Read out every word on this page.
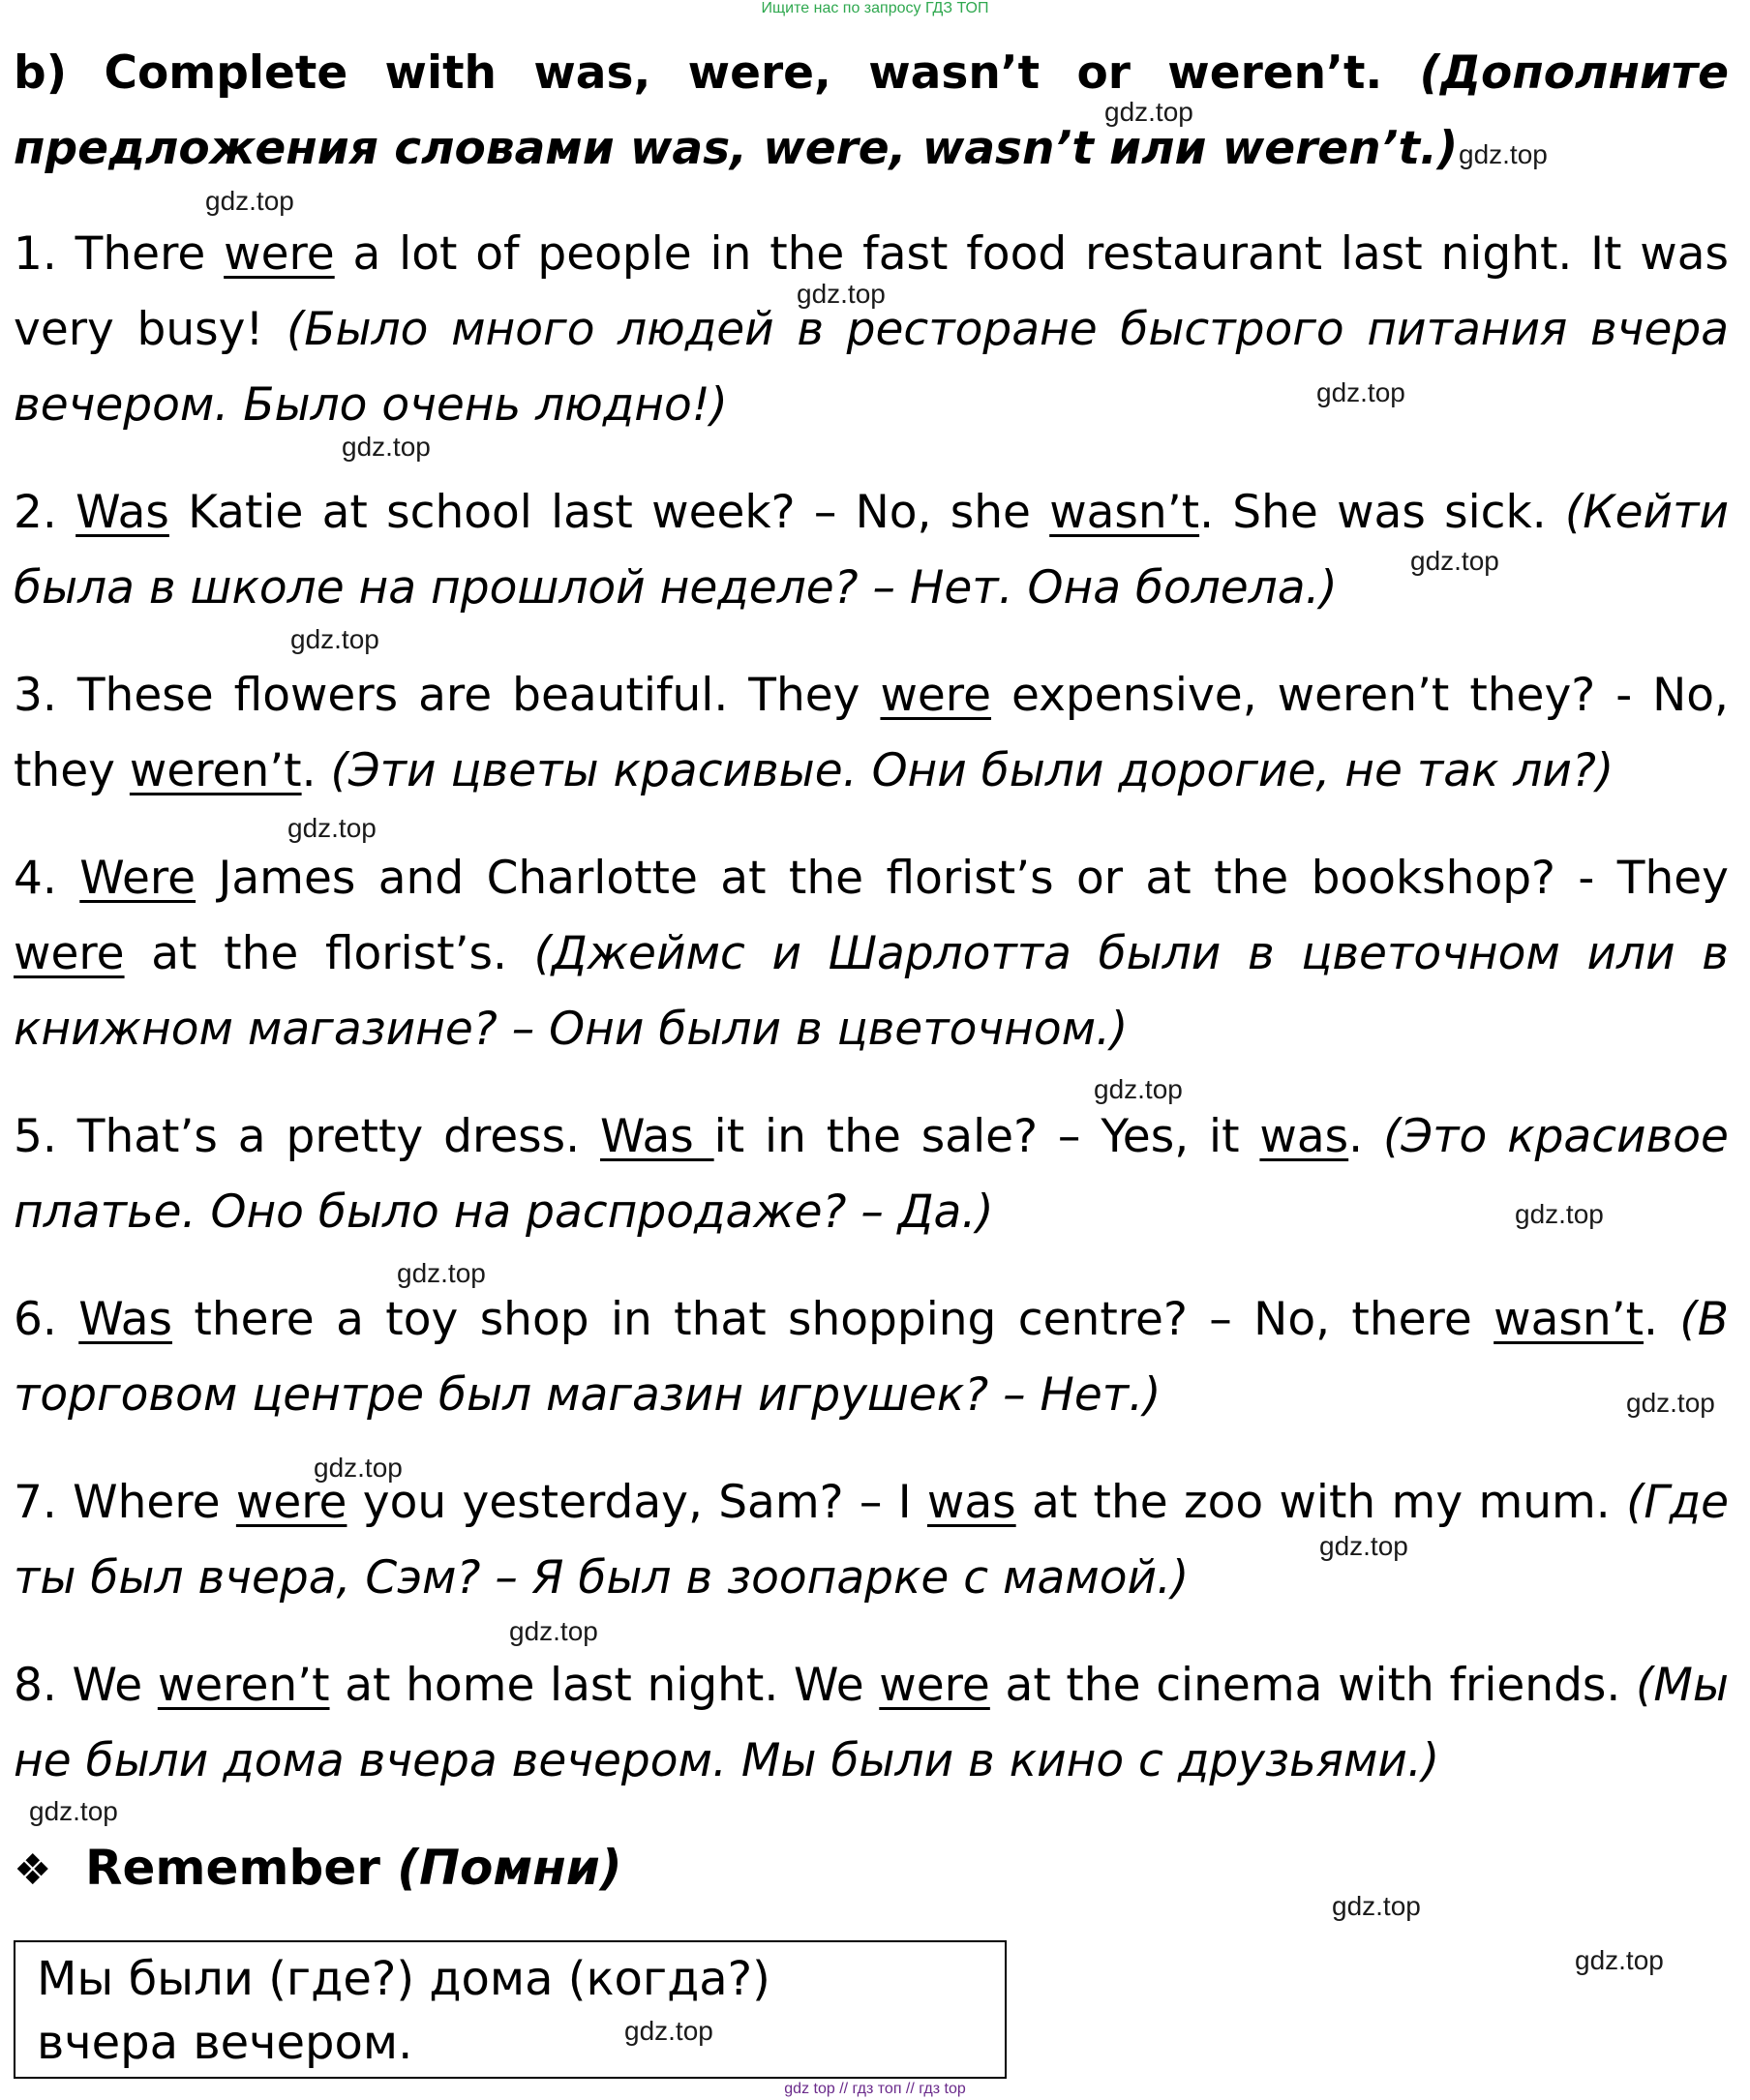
Ищите нас по запросу ГДЗ ТОП
b) Complete with was, were, wasn’t or weren’t. (Дополните
предложения словами was, were, wasn’t или weren’t.)
1. There were a lot of people in the fast food restaurant last night. It was
very busy! (Было много людей в ресторане быстрого питания вчера
вечером. Было очень людно!)
2. Was Katie at school last week? – No, she wasn’t. She was sick. (Кейти
была в школе на прошлой неделе? – Нет. Она болела.)
3. These flowers are beautiful. They were expensive, weren’t they? - No,
they weren’t. (Эти цветы красивые. Они были дорогие, не так ли?)
4. Were James and Charlotte at the florist’s or at the bookshop? - They
were at the florist’s. (Джеймс и Шарлотта были в цветочном или в
книжном магазине? – Они были в цветочном.)
5. That’s a pretty dress. Was it in the sale? – Yes, it was. (Это красивое
платье. Оно было на распродаже? – Да.)
6. Was there a toy shop in that shopping centre? – No, there wasn’t. (В
торговом центре был магазин игрушек? – Нет.)
7. Where were you yesterday, Sam? – I was at the zoo with my mum. (Где
ты был вчера, Сэм? – Я был в зоопарке с мамой.)
8. We weren’t at home last night. We were at the cinema with friends. (Мы
не были дома вчера вечером. Мы были в кино с друзьями.)
❖ Remember (Помни)
Мы были (где?) дома (когда?)
вчера вечером.
gdz.top
gdz.top
gdz.top
gdz.top
gdz.top
gdz.top
gdz.top
gdz.top
gdz.top
gdz.top
gdz.top
gdz.top
gdz.top
gdz.top
gdz.top
gdz.top
gdz.top
gdz.top
gdz.top
gdz.top
gdz top // гдз топ // гдз top
